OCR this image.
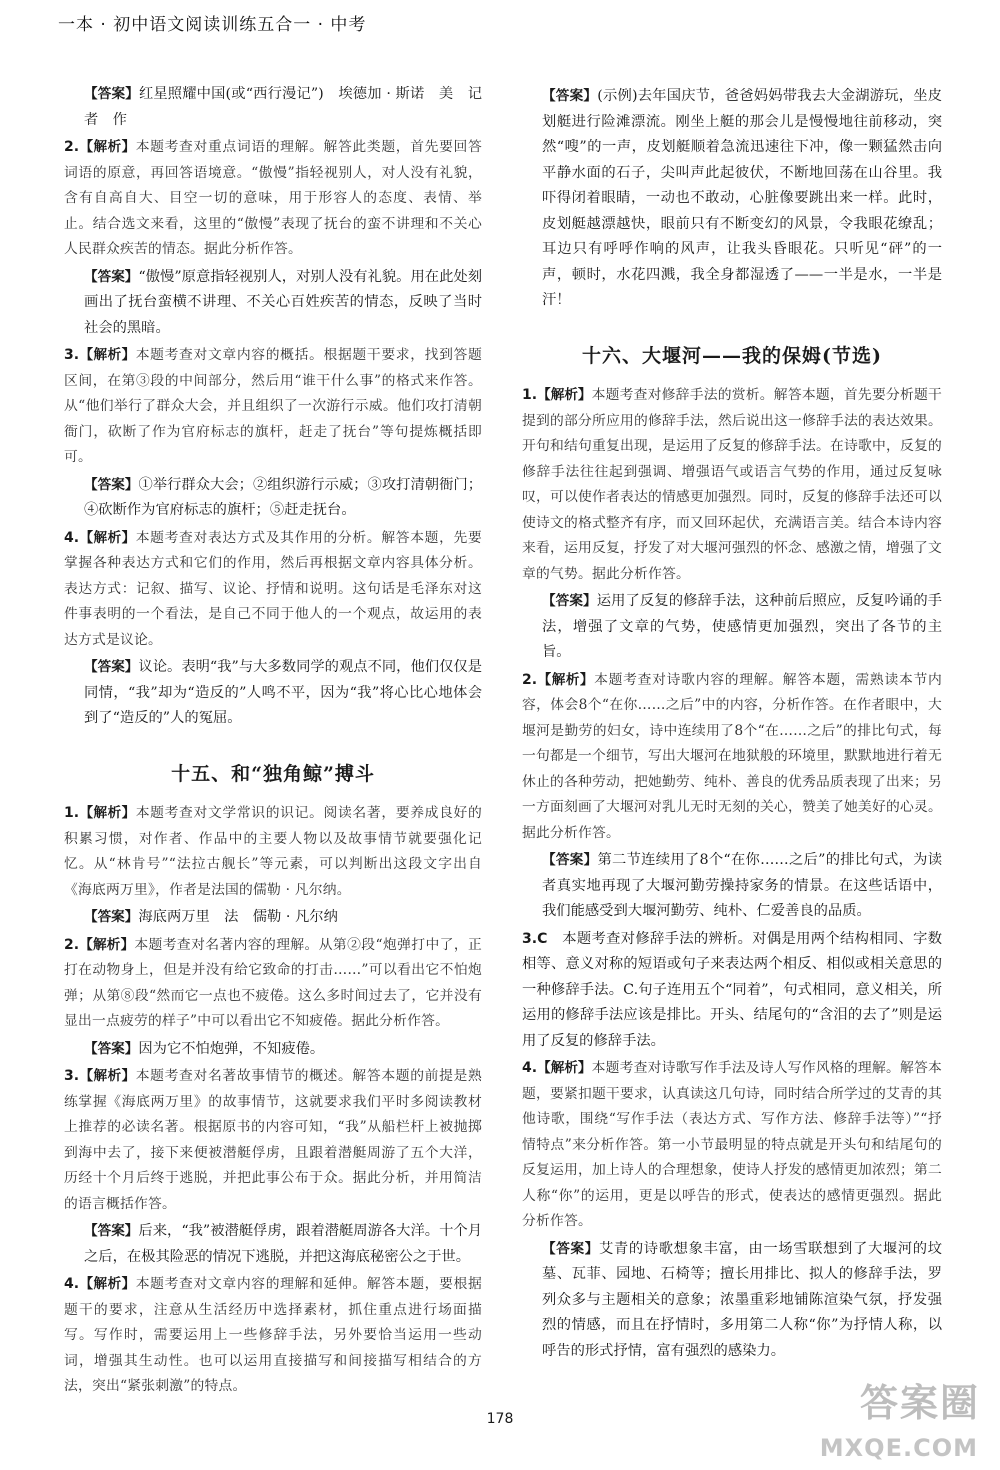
一本 · 初中语文阅读训练五合一 · 中考

【答案】红星照耀中国(或“西行漫记”)　埃德加 · 斯诺　美　记者　作

2.【解析】本题考查对重点词语的理解。解答此类题，首先要回答词语的原意，再回答语境意。“傲慢”指轻视别人，对人没有礼貌，含有自高自大、目空一切的意味，用于形容人的态度、表情、举止。结合选文来看，这里的“傲慢”表现了抚台的蛮不讲理和不关心人民群众疾苦的情态。据此分析作答。

【答案】“傲慢”原意指轻视别人，对别人没有礼貌。用在此处刻画出了抚台蛮横不讲理、不关心百姓疾苦的情态，反映了当时社会的黑暗。

3.【解析】本题考查对文章内容的概括。根据题干要求，找到答题区间，在第③段的中间部分，然后用“谁干什么事”的格式来作答。从“他们举行了群众大会，并且组织了一次游行示威。他们攻打清朝衙门，砍断了作为官府标志的旗杆，赶走了抚台”等句提炼概括即可。

【答案】①举行群众大会；②组织游行示威；③攻打清朝衙门；④砍断作为官府标志的旗杆；⑤赶走抚台。

4.【解析】本题考查对表达方式及其作用的分析。解答本题，先要掌握各种表达方式和它们的作用，然后再根据文章内容具体分析。表达方式：记叙、描写、议论、抒情和说明。这句话是毛泽东对这件事表明的一个看法，是自己不同于他人的一个观点，故运用的表达方式是议论。

【答案】议论。表明“我”与大多数同学的观点不同，他们仅仅是同情，“我”却为“造反的”人鸣不平，因为“我”将心比心地体会到了“造反的”人的冤屈。

十五、和“独角鲸”搏斗

1.【解析】本题考查对文学常识的识记。阅读名著，要养成良好的积累习惯，对作者、作品中的主要人物以及故事情节就要强化记忆。从“林肯号”“法拉古舰长”等元素，可以判断出这段文字出自《海底两万里》，作者是法国的儒勒 · 凡尔纳。

【答案】海底两万里　法　儒勒 · 凡尔纳

2.【解析】本题考查对名著内容的理解。从第②段“炮弹打中了，正打在动物身上，但是并没有给它致命的打击……”可以看出它不怕炮弹；从第⑧段“然而它一点也不疲倦。这么多时间过去了，它并没有显出一点疲劳的样子”中可以看出它不知疲倦。据此分析作答。

【答案】因为它不怕炮弹，不知疲倦。

3.【解析】本题考查对名著故事情节的概述。解答本题的前提是熟练掌握《海底两万里》的故事情节，这就要求我们平时多阅读教材上推荐的必读名著。根据原书的内容可知，“我”从船栏杆上被抛掷到海中去了，接下来便被潜艇俘虏，且跟着潜艇周游了五个大洋，历经十个月后终于逃脱，并把此事公布于众。据此分析，并用简洁的语言概括作答。

【答案】后来，“我”被潜艇俘虏，跟着潜艇周游各大洋。十个月之后，在极其险恶的情况下逃脱，并把这海底秘密公之于世。

4.【解析】本题考查对文章内容的理解和延伸。解答本题，要根据题干的要求，注意从生活经历中选择素材，抓住重点进行场面描写。写作时，需要运用上一些修辞手法，另外要恰当运用一些动词，增强其生动性。也可以运用直接描写和间接描写相结合的方法，突出“紧张刺激”的特点。

【答案】(示例)去年国庆节，爸爸妈妈带我去大金湖游玩，坐皮划艇进行险滩漂流。刚坐上艇的那会儿是慢慢地往前移动，突然“嗖”的一声，皮划艇顺着急流迅速往下冲，像一颗猛然击向平静水面的石子，尖叫声此起彼伏，不断地回荡在山谷里。我吓得闭着眼睛，一动也不敢动，心脏像要跳出来一样。此时，皮划艇越漂越快，眼前只有不断变幻的风景，令我眼花缭乱；耳边只有呼呼作响的风声，让我头昏眼花。只听见“砰”的一声，顿时，水花四溅，我全身都湿透了——一半是水，一半是汗！

十六、大堰河——我的保姆(节选)

1.【解析】本题考查对修辞手法的赏析。解答本题，首先要分析题干提到的部分所应用的修辞手法，然后说出这一修辞手法的表达效果。开句和结句重复出现，是运用了反复的修辞手法。在诗歌中，反复的修辞手法往往起到强调、增强语气或语言气势的作用，通过反复咏叹，可以使作者表达的情感更加强烈。同时，反复的修辞手法还可以使诗文的格式整齐有序，而又回环起伏，充满语言美。结合本诗内容来看，运用反复，抒发了对大堰河强烈的怀念、感激之情，增强了文章的气势。据此分析作答。

【答案】运用了反复的修辞手法，这种前后照应，反复吟诵的手法，增强了文章的气势，使感情更加强烈，突出了各节的主旨。

2.【解析】本题考查对诗歌内容的理解。解答本题，需熟读本节内容，体会8个“在你……之后”中的内容，分析作答。在作者眼中，大堰河是勤劳的妇女，诗中连续用了8个“在……之后”的排比句式，每一句都是一个细节，写出大堰河在地狱般的环境里，默默地进行着无休止的各种劳动，把她勤劳、纯朴、善良的优秀品质表现了出来；另一方面刻画了大堰河对乳儿无时无刻的关心，赞美了她美好的心灵。据此分析作答。

【答案】第二节连续用了8个“在你……之后”的排比句式，为读者真实地再现了大堰河勤劳操持家务的情景。在这些话语中，我们能感受到大堰河勤劳、纯朴、仁爱善良的品质。

3.C　 本题考查对修辞手法的辨析。对偶是用两个结构相同、字数相等、意义对称的短语或句子来表达两个相反、相似或相关意思的一种修辞手法。C.句子连用五个“同着”，句式相同，意义相关，所运用的修辞手法应该是排比。开头、结尾句的“含泪的去了”则是运用了反复的修辞手法。

4.【解析】本题考查对诗歌写作手法及诗人写作风格的理解。解答本题，要紧扣题干要求，认真读这几句诗，同时结合所学过的艾青的其他诗歌，围绕“写作手法（表达方式、写作方法、修辞手法等）”“抒情特点”来分析作答。第一小节最明显的特点就是开头句和结尾句的反复运用，加上诗人的合理想象，使诗人抒发的感情更加浓烈；第二人称“你”的运用，更是以呼告的形式，使表达的感情更强烈。据此分析作答。

【答案】艾青的诗歌想象丰富，由一场雪联想到了大堰河的坟墓、瓦菲、园地、石椅等；擅长用排比、拟人的修辞手法，罗列众多与主题相关的意象；浓墨重彩地铺陈渲染气氛，抒发强烈的情感，而且在抒情时，多用第二人称“你”为抒情人称，以呼告的形式抒情，富有强烈的感染力。

178	答案圈
MXQE.COM
